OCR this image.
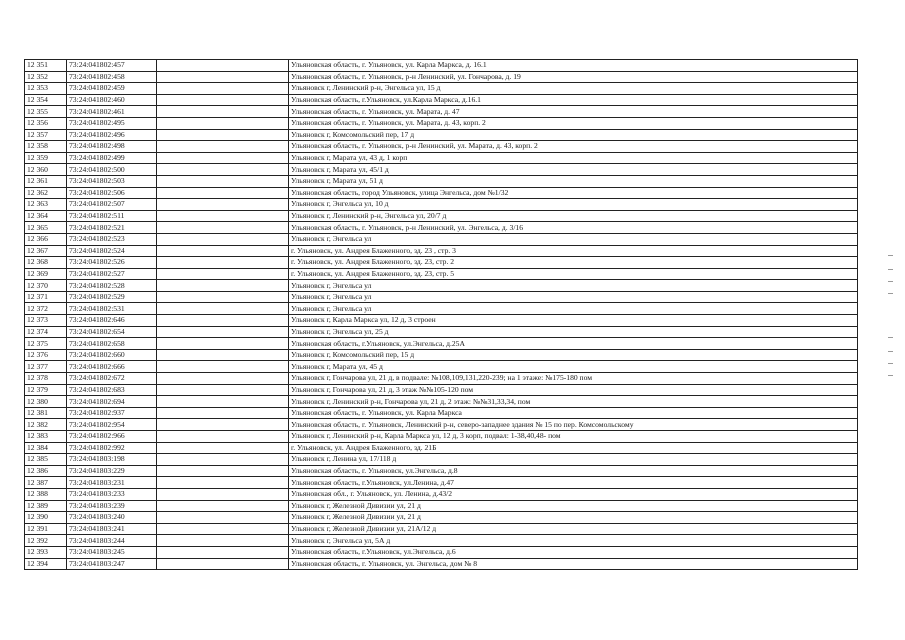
12 351	73:24:041802:457		Ульяновская область, г. Ульяновск, ул. Карла Маркса, д. 16.1
12 352	73:24:041802:458		Ульяновская область, г. Ульяновск, р-н Ленинский, ул. Гончарова, д. 19
12 353	73:24:041802:459		Ульяновск г, Ленинский р-н, Энгельса ул, 15 д
12 354	73:24:041802:460		Ульяновская область, г.Ульяновск, ул.Карла Маркса, д.16.1
12 355	73:24:041802:461		Ульяновская область, г. Ульяновск, ул. Марата, д. 47
12 356	73:24:041802:495		Ульяновская область, г. Ульяновск, ул. Марата, д. 43, корп. 2
12 357	73:24:041802:496		Ульяновск г, Комсомольский пер, 17 д
12 358	73:24:041802:498		Ульяновская область, г. Ульяновск, р-н Ленинский, ул. Марата, д. 43, корп. 2
12 359	73:24:041802:499		Ульяновск г, Марата ул, 43 д, 1 корп
12 360	73:24:041802:500		Ульяновск г, Марата ул, 45/1 д
12 361	73:24:041802:503		Ульяновск г, Марата ул, 51 д
12 362	73:24:041802:506		Ульяновская область, город Ульяновск, улица Энгельса, дом №1/32
12 363	73:24:041802:507		Ульяновск г, Энгельса ул, 10 д
12 364	73:24:041802:511		Ульяновск г, Ленинский р-н, Энгельса ул, 20/7 д
12 365	73:24:041802:521		Ульяновская область, г. Ульяновск, р-н Ленинский, ул. Энгельса, д. 3/16
12 366	73:24:041802:523		Ульяновск г, Энгельса ул
12 367	73:24:041802:524		г. Ульяновск, ул. Андрея Блаженного, зд. 23 , стр. 3
12 368	73:24:041802:526		г. Ульяновск, ул. Андрея Блаженного, зд. 23, стр. 2
12 369	73:24:041802:527		г. Ульяновск, ул. Андрея Блаженного, зд. 23, стр. 5
12 370	73:24:041802:528		Ульяновск г, Энгельса ул
12 371	73:24:041802:529		Ульяновск г, Энгельса ул
12 372	73:24:041802:531		Ульяновск г, Энгельса ул
12 373	73:24:041802:646		Ульяновск г, Карла Маркса ул, 12 д, 3 строен
12 374	73:24:041802:654		Ульяновск г, Энгельса ул, 25 д
12 375	73:24:041802:658		Ульяновская область, г.Ульяновск, ул.Энгельса, д.25А
12 376	73:24:041802:660		Ульяновск г, Комсомольский пер, 15 д
12 377	73:24:041802:666		Ульяновск г, Марата ул, 45 д
12 378	73:24:041802:672		Ульяновск г, Гончарова ул, 21 д, в подвале: №108,109,131,220-239; на 1 этаже: №175-180 пом
12 379	73:24:041802:683		Ульяновск г, Гончарова ул, 21 д, 3 этаж №№105-120 пом
12 380	73:24:041802:694		Ульяновск г, Ленинский р-н, Гончарова ул, 21 д, 2 этаж: №№31,33,34, пом
12 381	73:24:041802:937		Ульяновская область, г. Ульяновск, ул. Карла Маркса
12 382	73:24:041802:954		Ульяновская область, г. Ульяновск, Ленинский р-н, северо-западнее здания № 15 по пер. Комсомольскому
12 383	73:24:041802:966		Ульяновск г, Ленинский р-н, Карла Маркса ул, 12 д, 3 корп, подвал: 1-38,40,48- пом
12 384	73:24:041802:992		г. Ульяновск, ул. Андрея Блаженного, зд. 21Б
12 385	73:24:041803:198		Ульяновск г, Ленина ул, 17/118 д
12 386	73:24:041803:229		Ульяновская область, г. Ульяновск, ул.Энгельса, д.8
12 387	73:24:041803:231		Ульяновская область, г.Ульяновск, ул.Ленина, д.47
12 388	73:24:041803:233		Ульяновская обл., г. Ульяновск, ул. Ленина, д.43/2
12 389	73:24:041803:239		Ульяновск г, Железной Дивизии ул, 21 д
12 390	73:24:041803:240		Ульяновск г, Железной Дивизии ул, 21 д
12 391	73:24:041803:241		Ульяновск г, Железной Дивизии ул, 21А/12 д
12 392	73:24:041803:244		Ульяновск г, Энгельса ул, 5А д
12 393	73:24:041803:245		Ульяновская область, г.Ульяновск, ул.Энгельса, д.6
12 394	73:24:041803:247		Ульяновская область, г. Ульяновск, ул. Энгельса, дом № 8
